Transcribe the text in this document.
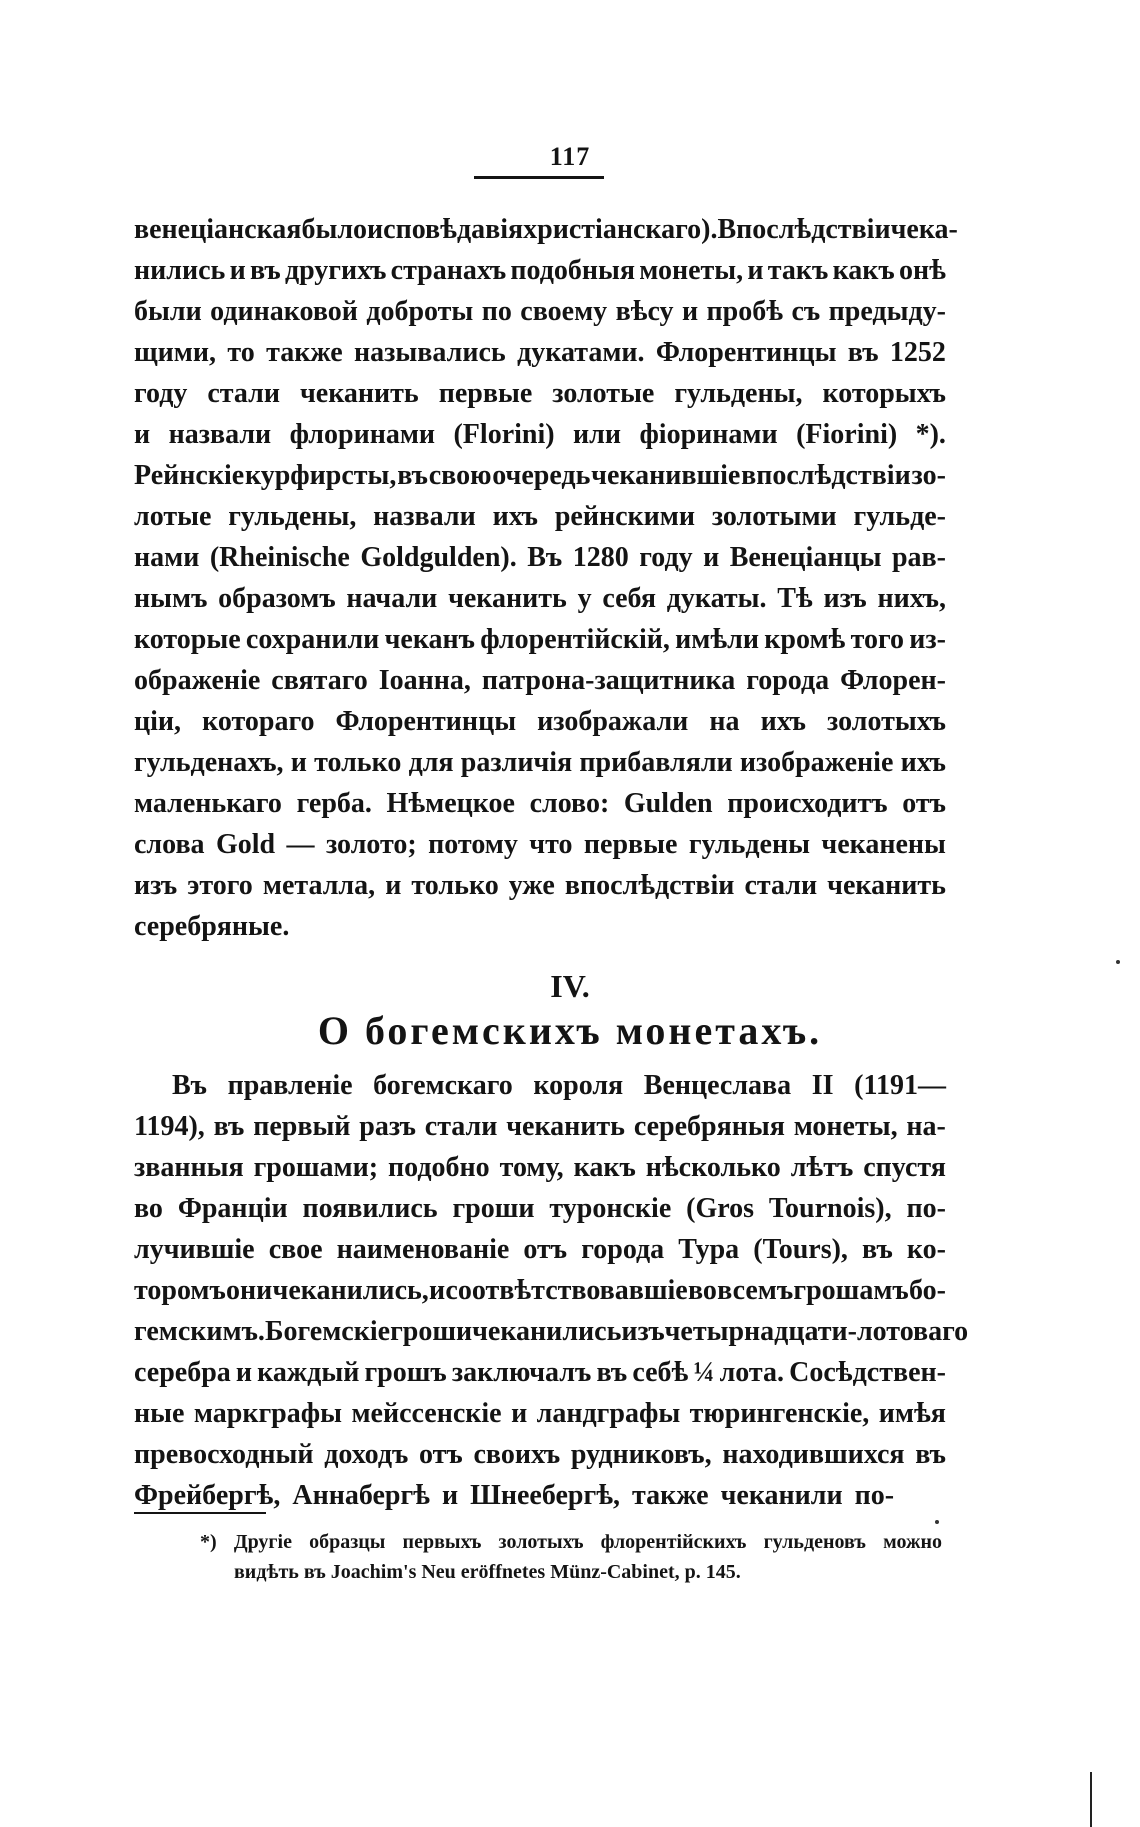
117
венеціанская было исповѣдавія христіанскаго). Впослѣдствіи чека-
нились и въ другихъ странахъ подобныя монеты, и такъ какъ онѣ
были одинаковой доброты по своему вѣсу и пробѣ съ предыду-
щими, то также назывались дукатами. Флорентинцы въ 1252
году стали чеканить первые золотые гульдены, которыхъ
и назвали флоринами (Florini) или фіоринами (Fiorini) *).
Рейнскіе курфирсты, въ свою очередь чеканившіе впослѣдствіи зо-
лотые гульдены, назвали ихъ рейнскими золотыми гульде-
нами (Rheinische Goldgulden). Въ 1280 году и Венеціанцы рав-
нымъ образомъ начали чеканить у себя дукаты. Тѣ изъ нихъ,
которые сохранили чеканъ флорентійскій, имѣли кромѣ того из-
ображеніе святаго Іоанна, патрона-защитника города Флорен-
ціи, котораго Флорентинцы изображали на ихъ золотыхъ
гульденахъ, и только для различія прибавляли изображеніе ихъ
маленькаго герба. Нѣмецкое слово: Gulden происходитъ отъ
слова Gold — золото; потому что первые гульдены чеканены
изъ этого металла, и только уже впослѣдствіи стали чеканить
серебряные.
IV.
О богемскихъ монетахъ.
Въ правленіе богемскаго короля Венцеслава II (1191—
1194), въ первый разъ стали чеканить серебряныя монеты, на-
званныя грошами; подобно тому, какъ нѣсколько лѣтъ спустя
во Франціи появились гроши туронскіе (Gros Tournois), по-
лучившіе свое наименованіе отъ города Тура (Tours), въ ко-
торомъ они чеканились, и соотвѣтствовавшіе во всемъ грошамъ бо-
гемскимъ. Богемскіе гроши чеканились изъ четырнадцати-лотоваго
серебра и каждый грошъ заключалъ въ себѣ ¼ лота. Сосѣдствен-
ные маркграфы мейссенскіе и ландграфы тюрингенскіе, имѣя
превосходный доходъ отъ своихъ рудниковъ, находившихся въ
Фрейбергѣ, Аннабергѣ и Шнеебергѣ, также чеканили по-
*) Другіе образцы первыхъ золотыхъ флорентійскихъ гульденовъ можно
видѣть въ Joachim's Neu eröffnetes Münz-Cabinet, p. 145.
